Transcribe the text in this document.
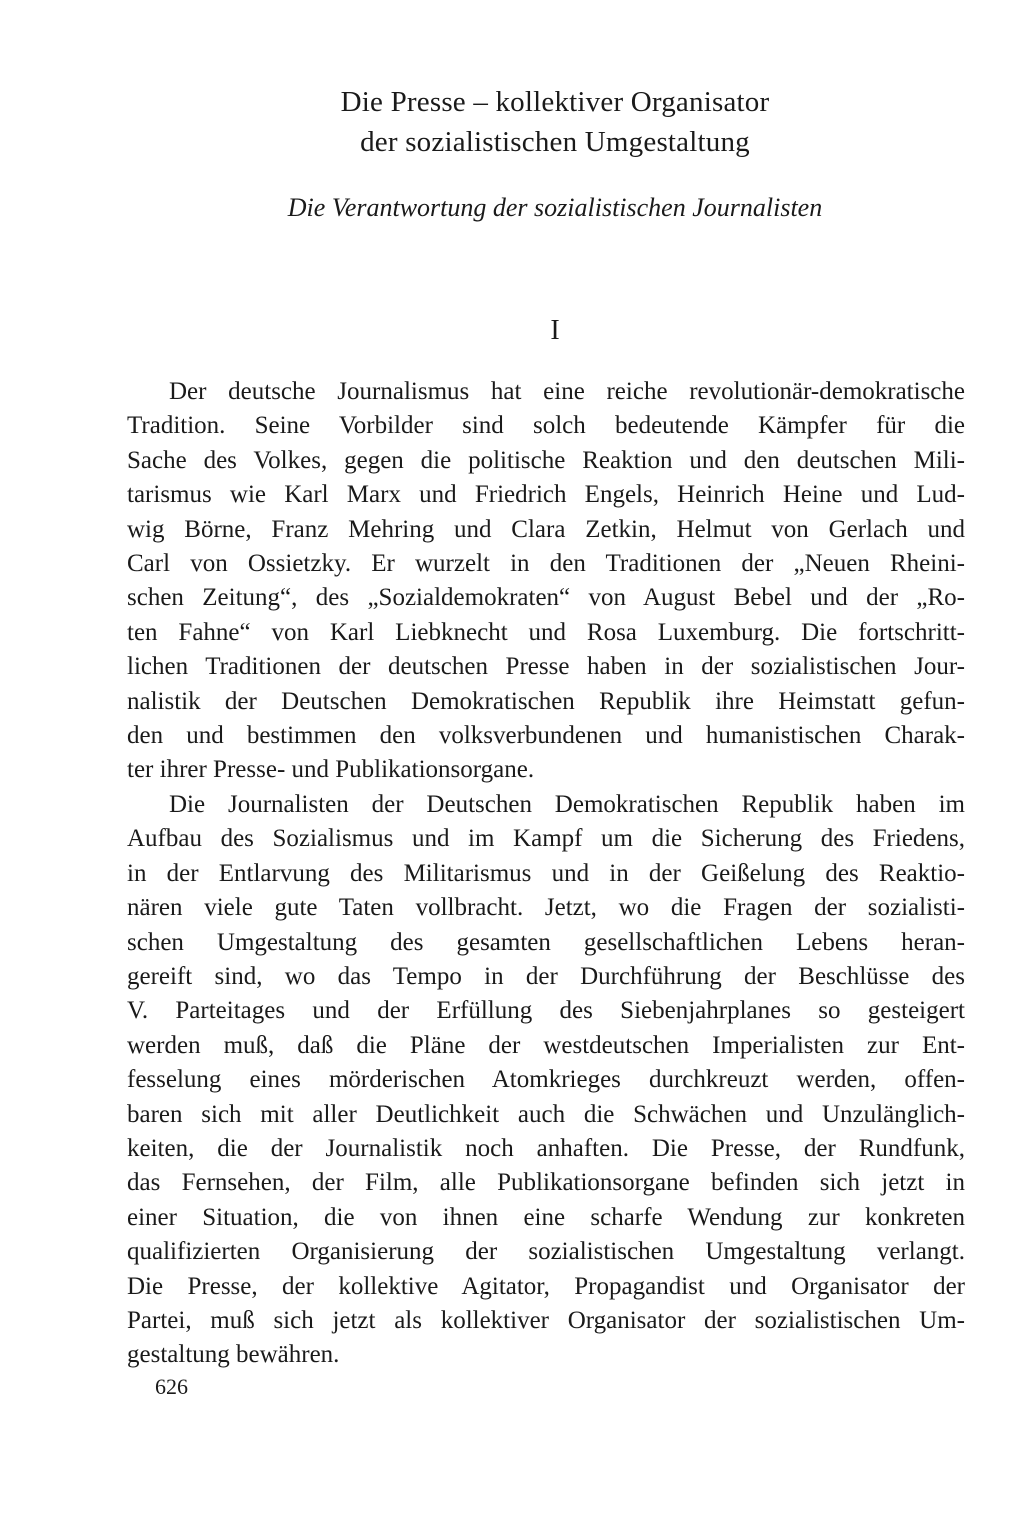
Die Presse – kollektiver Organisator
der sozialistischen Umgestaltung
Die Verantwortung der sozialistischen Journalisten
I
Der deutsche Journalismus hat eine reiche revolutionär-demokratische
Tradition. Seine Vorbilder sind solch bedeutende Kämpfer für die
Sache des Volkes, gegen die politische Reaktion und den deutschen Mili-
tarismus wie Karl Marx und Friedrich Engels, Heinrich Heine und Lud-
wig Börne, Franz Mehring und Clara Zetkin, Helmut von Gerlach und
Carl von Ossietzky. Er wurzelt in den Traditionen der „Neuen Rheini-
schen Zeitung“, des „Sozialdemokraten“ von August Bebel und der „Ro-
ten Fahne“ von Karl Liebknecht und Rosa Luxemburg. Die fortschritt-
lichen Traditionen der deutschen Presse haben in der sozialistischen Jour-
nalistik der Deutschen Demokratischen Republik ihre Heimstatt gefun-
den und bestimmen den volksverbundenen und humanistischen Charak-
ter ihrer Presse- und Publikationsorgane.
Die Journalisten der Deutschen Demokratischen Republik haben im
Aufbau des Sozialismus und im Kampf um die Sicherung des Friedens,
in der Entlarvung des Militarismus und in der Geißelung des Reaktio-
nären viele gute Taten vollbracht. Jetzt, wo die Fragen der sozialisti-
schen Umgestaltung des gesamten gesellschaftlichen Lebens heran-
gereift sind, wo das Tempo in der Durchführung der Beschlüsse des
V. Parteitages und der Erfüllung des Siebenjahrplanes so gesteigert
werden muß, daß die Pläne der westdeutschen Imperialisten zur Ent-
fesselung eines mörderischen Atomkrieges durchkreuzt werden, offen-
baren sich mit aller Deutlichkeit auch die Schwächen und Unzulänglich-
keiten, die der Journalistik noch anhaften. Die Presse, der Rundfunk,
das Fernsehen, der Film, alle Publikationsorgane befinden sich jetzt in
einer Situation, die von ihnen eine scharfe Wendung zur konkreten
qualifizierten Organisierung der sozialistischen Umgestaltung verlangt.
Die Presse, der kollektive Agitator, Propagandist und Organisator der
Partei, muß sich jetzt als kollektiver Organisator der sozialistischen Um-
gestaltung bewähren.
626
